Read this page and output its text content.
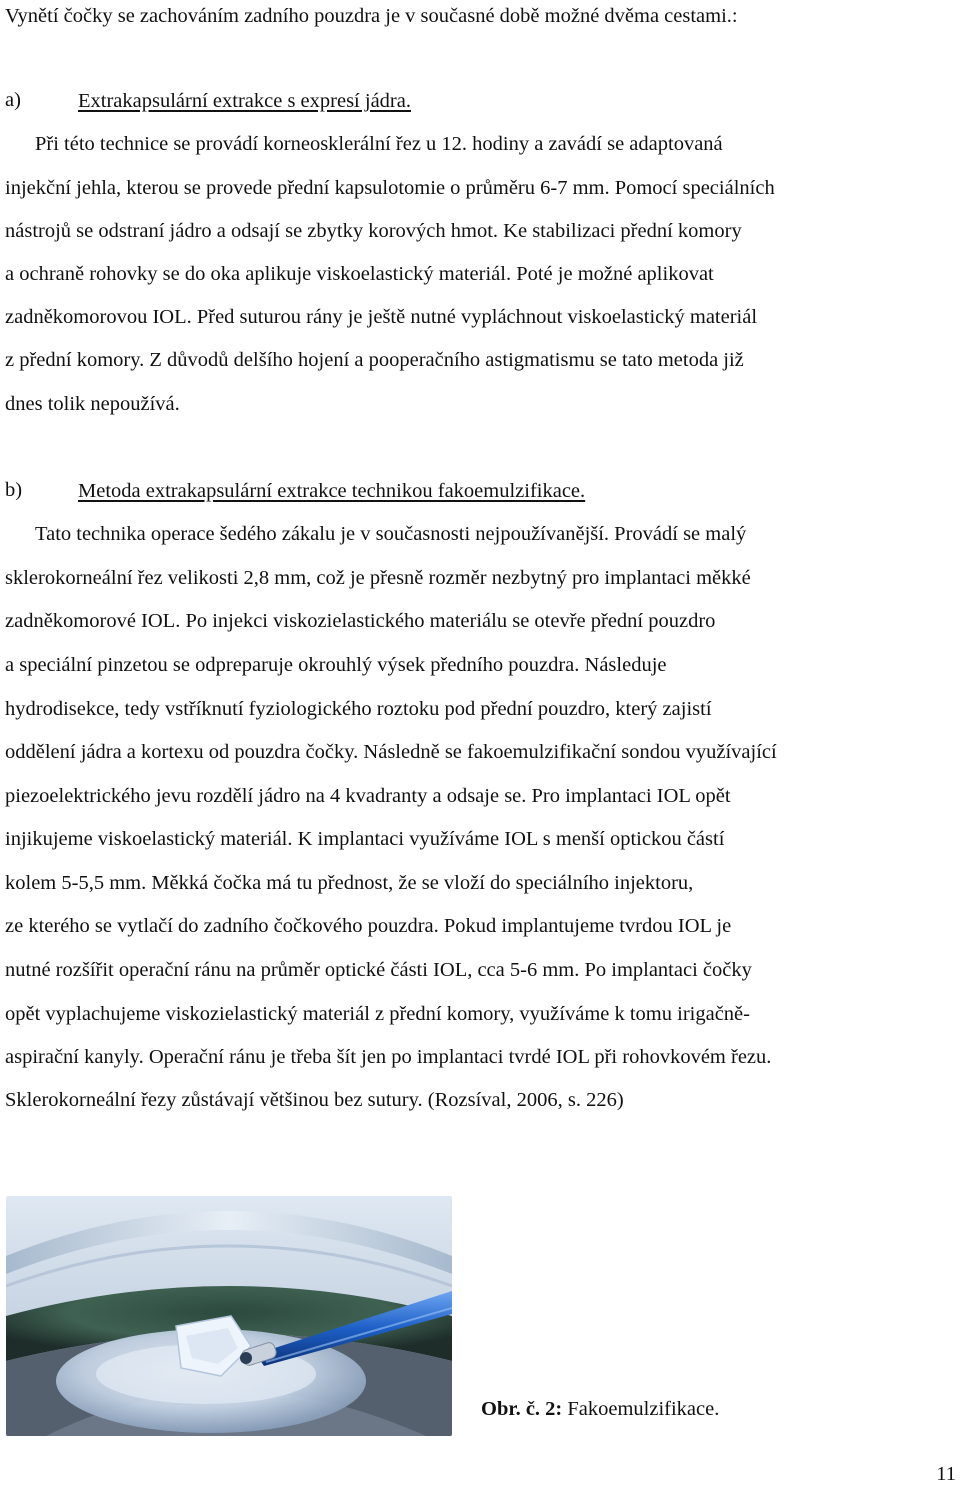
Vynětí čočky se zachováním zadního pouzdra je v současné době možné dvěma cestami.:
a)	Extrakapsulární extrakce s expresí jádra.
Při této technice se provádí korneosklerální řez u 12. hodiny a zavádí se adaptovaná
injekční jehla, kterou se provede přední kapsulotomie o průměru 6-7 mm. Pomocí speciálních
nástrojů se odstraní jádro a odsají se zbytky korových hmot. Ke stabilizaci přední komory
a ochraně rohovky se do oka aplikuje viskoelastický materiál. Poté je možné aplikovat
zadněkomorovou IOL. Před suturou rány je ještě nutné vypláchnout viskoelastický materiál
z přední komory. Z důvodů delšího hojení a pooperačního astigmatismu se tato metoda již
dnes tolik nepoužívá.
b)	Metoda extrakapsulární extrakce technikou fakoemulzifikace.
Tato technika operace šedého zákalu je v současnosti nejpoužívanější. Provádí se malý
sklerokorneální řez velikosti 2,8 mm, což je přesně rozměr nezbytný pro implantaci měkké
zadněkomorové IOL. Po injekci viskozielastického materiálu se otevře přední pouzdro
a speciální pinzetou se odpreparuje okrouhlý výsek předního pouzdra. Následuje
hydrodisekce, tedy vstříknutí fyziologického roztoku pod přední pouzdro, který zajistí
oddělení jádra a kortexu od pouzdra čočky. Následně se fakoemulzifikační sondou využívající
piezoelektrického jevu rozdělí jádro na 4 kvadranty a odsaje se. Pro implantaci IOL opět
injikujeme viskoelastický materiál. K implantaci využíváme IOL s menší optickou částí
kolem 5-5,5 mm. Měkká čočka má tu přednost, že se vloží do speciálního injektoru,
ze kterého se vytlačí do zadního čočkového pouzdra. Pokud implantujeme tvrdou IOL je
nutné rozšířit operační ránu na průměr optické části IOL, cca 5-6 mm. Po implantaci čočky
opět vyplachujeme viskozielastický materiál z přední komory, využíváme k tomu irigačně-
aspirační kanyly. Operační ránu je třeba šít jen po implantaci tvrdé IOL při rohovkovém řezu.
Sklerokorneální řezy zůstávají většinou bez sutury. (Rozsíval, 2006, s. 226)
Obr. č. 2: Fakoemulzifikace.
11
